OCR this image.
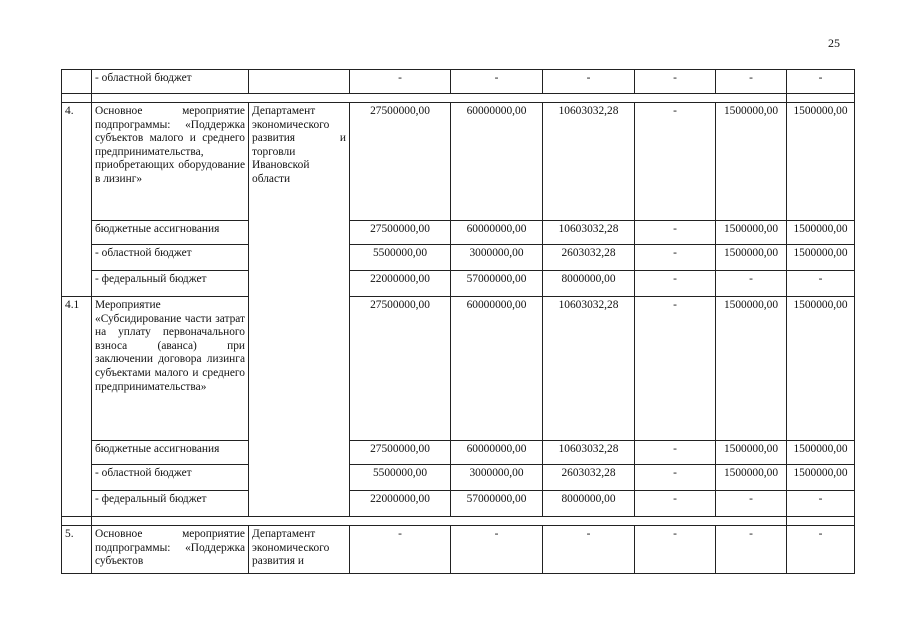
25
	- областной бюджет		-	-	-	-	-	-

4.	Основное мероприятие подпрограммы: «Поддержка субъектов малого и среднего предпринимательства, приобретающих оборудование в лизинг»	Департамент экономического развития и торговли Ивановской области	27500000,00	60000000,00	10603032,28	-	1500000,00	1500000,00
	бюджетные ассигнования		27500000,00	60000000,00	10603032,28	-	1500000,00	1500000,00
	- областной бюджет		5500000,00	3000000,00	2603032,28	-	1500000,00	1500000,00
	- федеральный бюджет		22000000,00	57000000,00	8000000,00	-	-	-
4.1	Мероприятие «Субсидирование части затрат на уплату первоначального взноса (аванса) при заключении договора лизинга субъектами малого и среднего предпринимательства»		27500000,00	60000000,00	10603032,28	-	1500000,00	1500000,00
	бюджетные ассигнования		27500000,00	60000000,00	10603032,28	-	1500000,00	1500000,00
	- областной бюджет		5500000,00	3000000,00	2603032,28	-	1500000,00	1500000,00
	- федеральный бюджет		22000000,00	57000000,00	8000000,00	-	-	-

5.	Основное мероприятие подпрограммы: «Поддержка субъектов	Департамент экономического развития и	-	-	-	-	-	-
